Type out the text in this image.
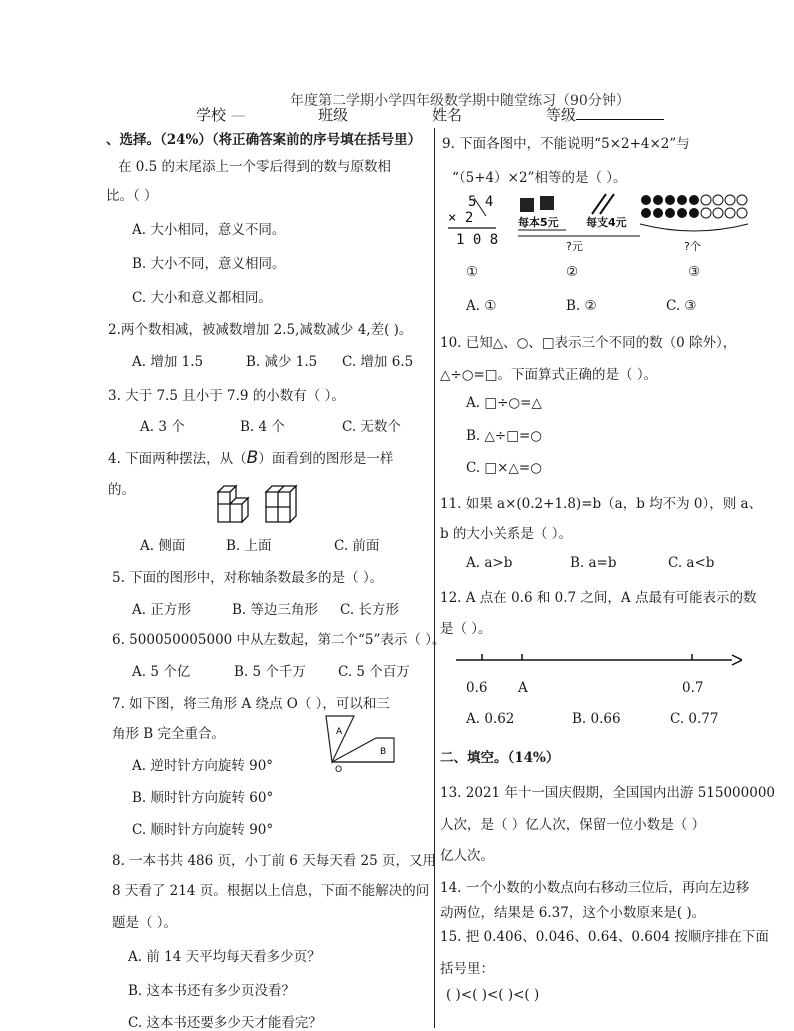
年度第二学期小学四年级数学期中随堂练习（90分钟）
学校 —	班级	姓名	等级
、选择。（24%）（将正确答案前的序号填在括号里）
在 0.5 的末尾添上一个零后得到的数与原数相
比。（ ）
A. 大小相同，意义不同。
B. 大小不同，意义相同。
C. 大小和意义都相同。
2.两个数相减，被减数增加 2.5,减数减少 4,差( )。
A. 增加 1.5	B. 减少 1.5 C. 增加 6.5
3. 大于 7.5 且小于 7.9 的小数有（ ）。
A. 3 个	B. 4 个	C. 无数个
4. 下面两种摆法，从（B）面看到的图形是一样
的。
A. 侧面	B. 上面	C. 前面
5. 下面的图形中，对称轴条数最多的是（ ）。
A. 正方形	B. 等边三角形 C. 长方形
6. 500050005000 中从左数起，第二个“5”表示（ ）。
A. 5 个亿	B. 5 个千万 C. 5 个百万
7. 如下图，将三角形 A 绕点 O（ ），可以和三
角形 B 完全重合。	A
B
O
A. 逆时针方向旋转 90°
B. 顺时针方向旋转 60°
C. 顺时针方向旋转 90°
8. 一本书共 486 页，小丁前 6 天每天看 25 页，又用
8 天看了 214 页。根据以上信息，下面不能解决的问
题是（ ）。
A. 前 14 天平均每天看多少页？
B. 这本书还有多少页没看？
C. 这本书还要多少天才能看完？
9. 下面各图中，不能说明“5×2+4×2”与
“（5+4）×2”相等的是（ ）。
5 4
× 2
1 0 8
每本5元 每支4元
?元	?个
①	②	③
A. ①	B. ②	C. ③
10. 已知△、○、□表示三个不同的数（0 除外），
△÷○=□。下面算式正确的是（ ）。
A. □÷○=△
B. △÷□=○
C. □×△=○
11. 如果 a×(0.2+1.8)=b（a，b 均不为 0），则 a、
b 的大小关系是（ ）。
A. a>b	B. a=b	C. a<b
12. A 点在 0.6 和 0.7 之间，A 点最有可能表示的数
是（ ）。
0.6 A	0.7
A. 0.62	B. 0.66	C. 0.77
二、填空。（14%）
13. 2021 年十一国庆假期，全国国内出游 515000000
人次，是（ ）亿人次，保留一位小数是（ ）
亿人次。
14. 一个小数的小数点向右移动三位后，再向左边移
动两位，结果是 6.37，这个小数原来是( )。
15. 把 0.406、0.046、0.64、0.604 按顺序排在下面
括号里：
( )<( )<( )<( )
